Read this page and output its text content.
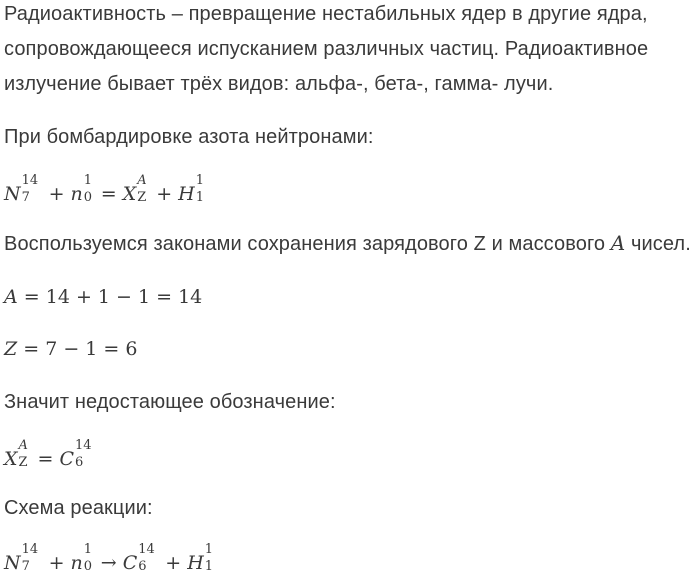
Радиоактивность – превращение нестабильных ядер в другие ядра,
сопровождающееся испусканием различных частиц. Радиоактивное
излучение бывает трёх видов: альфа-, бета-, гамма- лучи.
При бомбардировке азота нейтронами:
N
14
7 + n
1
0 = X
A
Z + H
1
1
Воспользуемся законами сохранения зарядового Z и массового A чисел.
A = 14 + 1 − 1 = 14
Z = 7 − 1 = 6
Значит недостающее обозначение:
X
A
Z = C
14
6
Схема реакции:
N
14
7 + n
1
0 → C
14
6 + H
1
1
